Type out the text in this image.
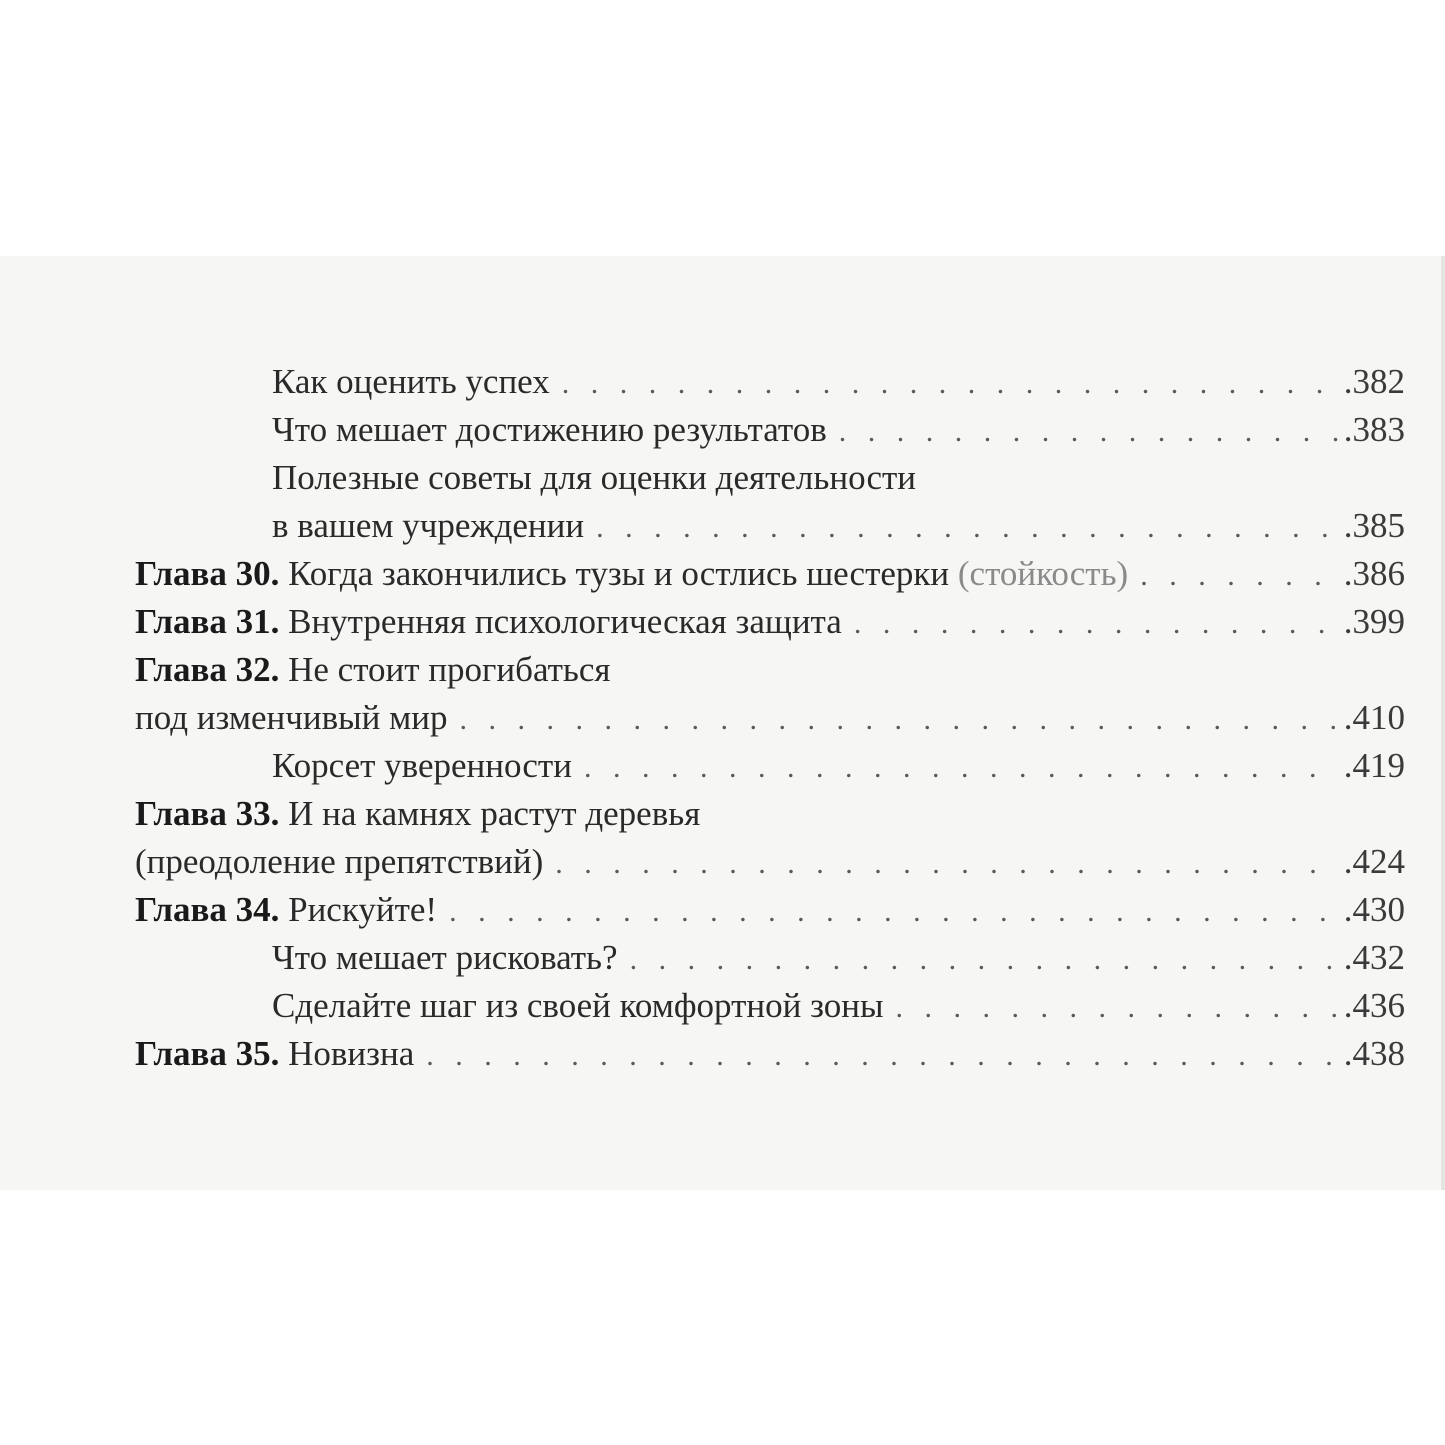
Как оценить успех . . .	.382
Что мешает достижению результатов . . .	.383
Полезные советы для оценки деятельности
в вашем учреждении . . .	.385
Глава 30. Когда закончились тузы и остлись шестерки (стойкость) . . .	.386
Глава 31. Внутренняя психологическая защита . . .	.399
Глава 32. Не стоит прогибаться
под изменчивый мир . . .	.410
Корсет уверенности . . .	.419
Глава 33. И на камнях растут деревья
(преодоление препятствий) . . .	.424
Глава 34. Рискуйте! . . .	.430
Что мешает рисковать? . . .	.432
Сделайте шаг из своей комфортной зоны . . .	.436
Глава 35. Новизна . . .	.438
